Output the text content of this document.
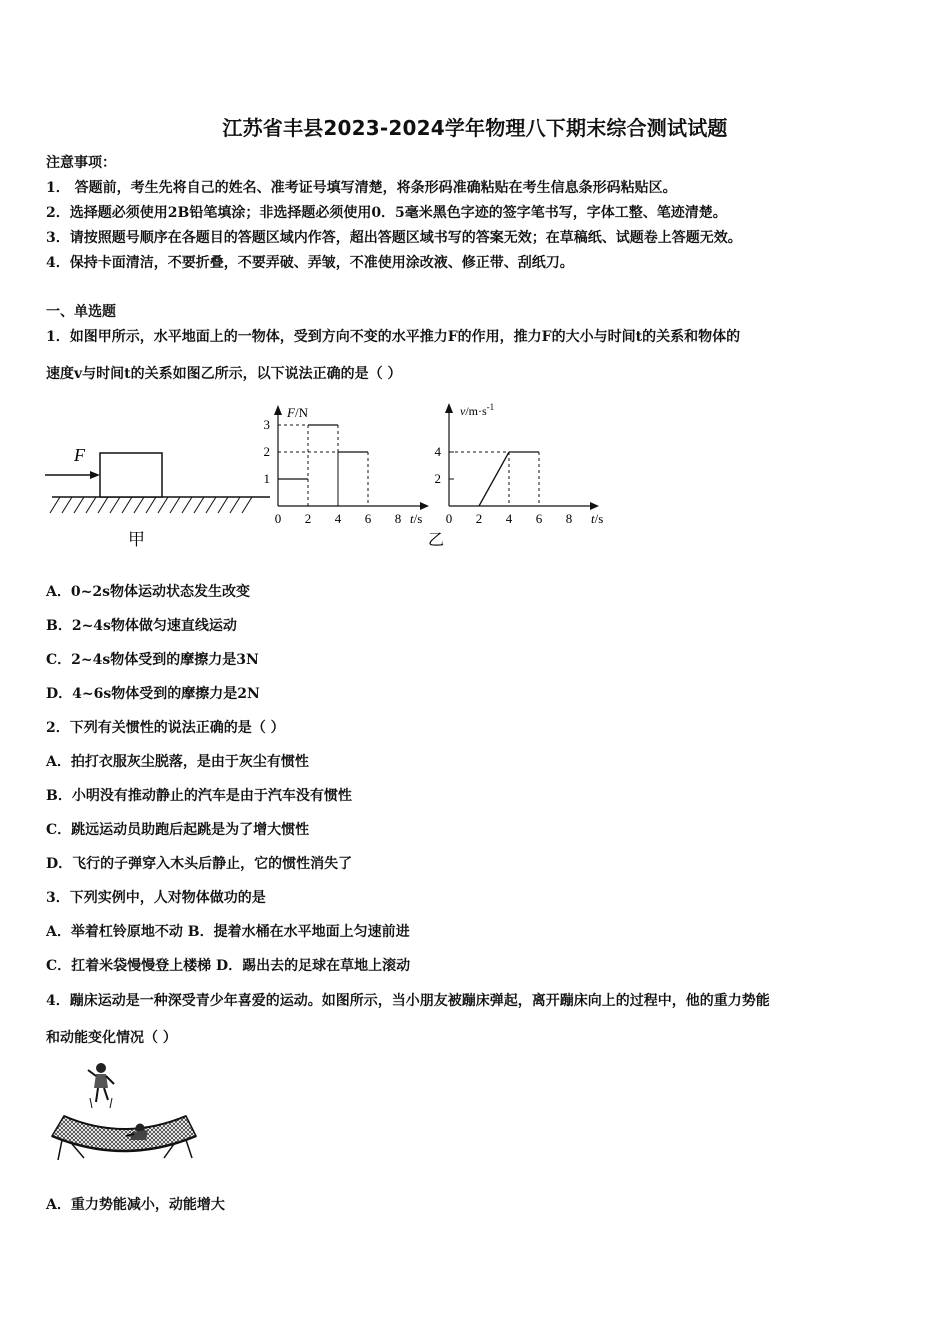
江苏省丰县2023-2024学年物理八下期末综合测试试题
注意事项：
1． 答题前，考生先将自己的姓名、准考证号填写清楚，将条形码准确粘贴在考生信息条形码粘贴区。
2．选择题必须使用2B铅笔填涂；非选择题必须使用0．5毫米黑色字迹的签字笔书写，字体工整、笔迹清楚。
3．请按照题号顺序在各题目的答题区域内作答，超出答题区域书写的答案无效；在草稿纸、试题卷上答题无效。
4．保持卡面清洁，不要折叠，不要弄破、弄皱，不准使用涂改液、修正带、刮纸刀。
一、单选题
1．如图甲所示，水平地面上的一物体，受到方向不变的水平推力F的作用，推力F的大小与时间t的关系和物体的
速度v与时间t的关系如图乙所示，以下说法正确的是（ ）
F
甲
0 2 4 6 8
1
2
3
F/N
t/s 0 2 4 6 8
2
4
$v/m\cdot s^{-1}$
t/s
乙
A．0~2s物体运动状态发生改变
B．2~4s物体做匀速直线运动
C．2~4s物体受到的摩擦力是3N
D．4~6s物体受到的摩擦力是2N
2．下列有关惯性的说法正确的是（ ）
A．拍打衣服灰尘脱落，是由于灰尘有惯性
B．小明没有推动静止的汽车是由于汽车没有惯性
C．跳远运动员助跑后起跳是为了增大惯性
D．飞行的子弹穿入木头后静止，它的惯性消失了
3．下列实例中，人对物体做功的是
A．举着杠铃原地不动 B．提着水桶在水平地面上匀速前进
C．扛着米袋慢慢登上楼梯 D．踢出去的足球在草地上滚动
4．蹦床运动是一种深受青少年喜爱的运动。如图所示，当小朋友被蹦床弹起，离开蹦床向上的过程中，他的重力势能
和动能变化情况（ ）
A．重力势能减小，动能增大
